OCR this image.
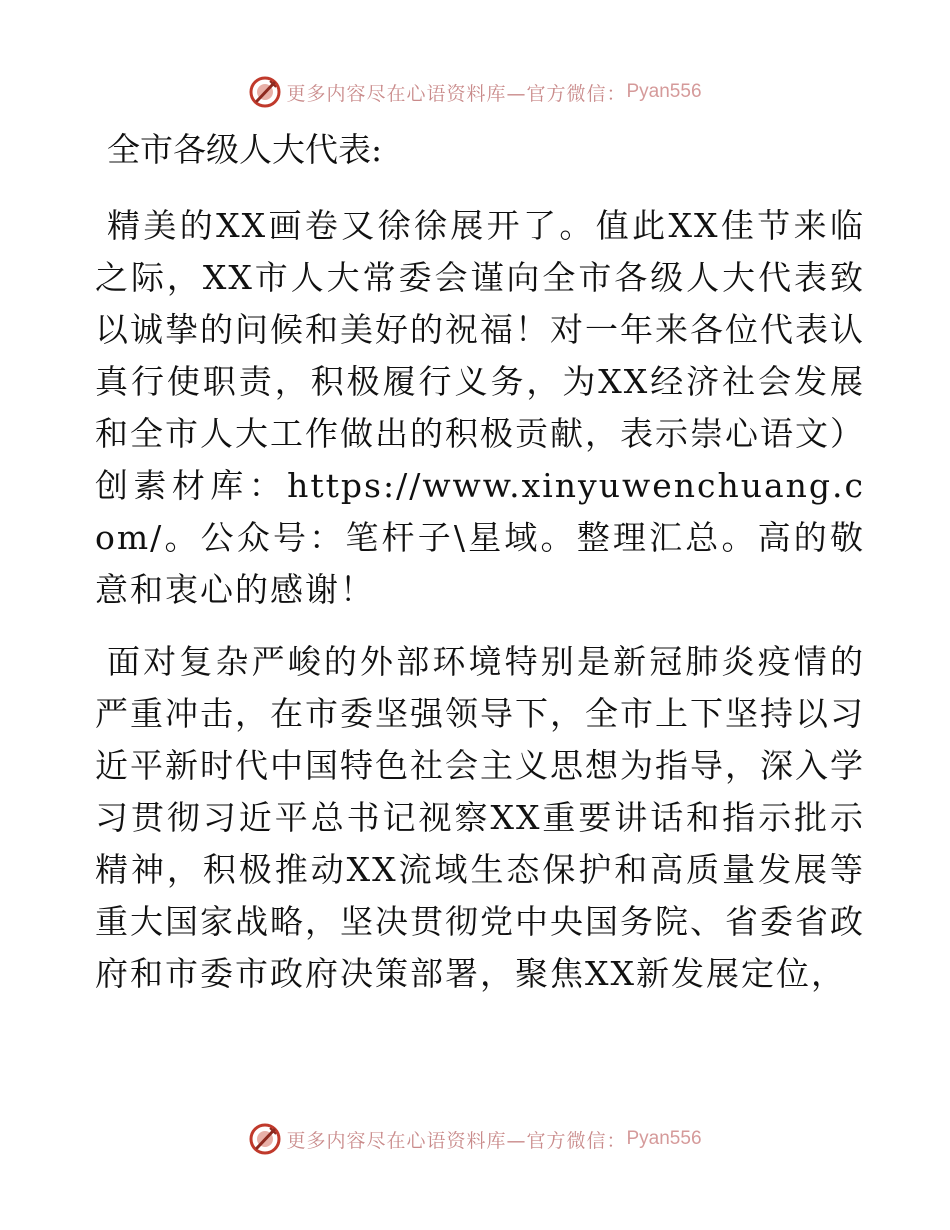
更多内容尽在心语资料库—官方微信： Pyan556
全市各级人大代表:

精美的XX画卷又徐徐展开了。值此XX佳节来临之际，XX市人大常委会谨向全市各级人大代表致以诚挚的问候和美好的祝福！对一年来各位代表认真行使职责，积极履行义务，为XX经济社会发展和全市人大工作做出的积极贡献，表示崇心语文）创素材库：https://www.xinyuwenchuang.com/。公众号：笔杆子\星域。整理汇总。高的敬意和衷心的感谢！

面对复杂严峻的外部环境特别是新冠肺炎疫情的严重冲击，在市委坚强领导下，全市上下坚持以习近平新时代中国特色社会主义思想为指导，深入学习贯彻习近平总书记视察XX重要讲话和指示批示精神，积极推动XX流域生态保护和高质量发展等重大国家战略，坚决贯彻党中央国务院、省委省政府和市委市政府决策部署，聚焦XX新发展定位，

更多内容尽在心语资料库—官方微信： Pyan556
